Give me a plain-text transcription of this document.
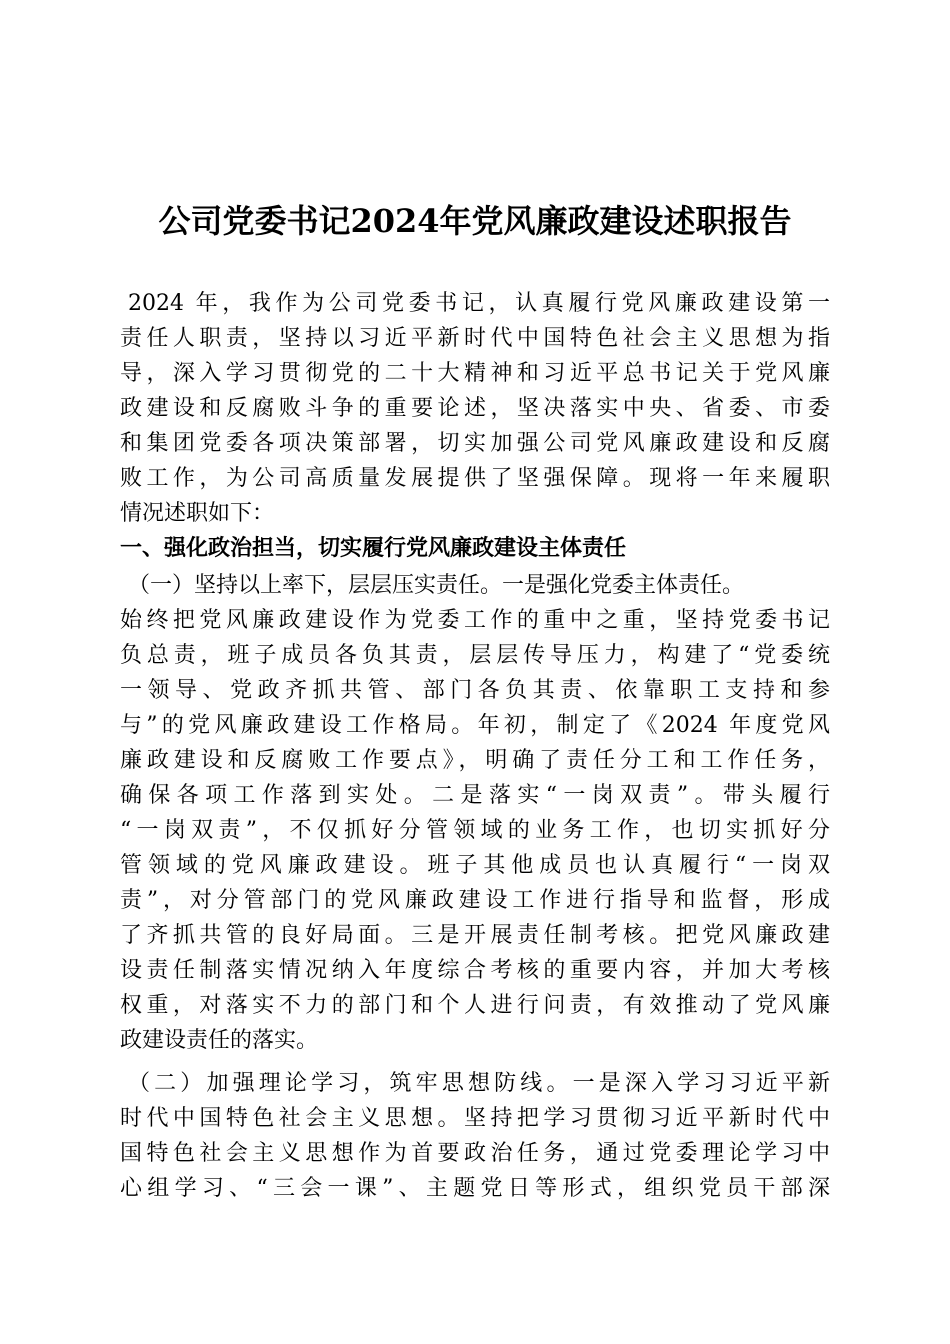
公司党委书记2024年党风廉政建设述职报告
2024 年，我作为公司党委书记，认真履行党风廉政建设第一
责任人职责，坚持以习近平新时代中国特色社会主义思想为指
导，深入学习贯彻党的二十大精神和习近平总书记关于党风廉
政建设和反腐败斗争的重要论述，坚决落实中央、省委、市委
和集团党委各项决策部署，切实加强公司党风廉政建设和反腐
败工作，为公司高质量发展提供了坚强保障。现将一年来履职
情况述职如下：
一、强化政治担当，切实履行党风廉政建设主体责任
（一）坚持以上率下，层层压实责任。一是强化党委主体责任。
始终把党风廉政建设作为党委工作的重中之重，坚持党委书记
负总责，班子成员各负其责，层层传导压力，构建了“党委统
一领导、党政齐抓共管、部门各负其责、依靠职工支持和参
与”的党风廉政建设工作格局。年初，制定了《2024 年度党风
廉政建设和反腐败工作要点》，明确了责任分工和工作任务，
确保各项工作落到实处。二是落实“一岗双责”。带头履行
“一岗双责”，不仅抓好分管领域的业务工作，也切实抓好分
管领域的党风廉政建设。班子其他成员也认真履行“一岗双
责”，对分管部门的党风廉政建设工作进行指导和监督，形成
了齐抓共管的良好局面。三是开展责任制考核。把党风廉政建
设责任制落实情况纳入年度综合考核的重要内容，并加大考核
权重，对落实不力的部门和个人进行问责，有效推动了党风廉
政建设责任的落实。
（二）加强理论学习，筑牢思想防线。一是深入学习习近平新
时代中国特色社会主义思想。坚持把学习贯彻习近平新时代中
国特色社会主义思想作为首要政治任务，通过党委理论学习中
心组学习、“三会一课”、主题党日等形式，组织党员干部深
